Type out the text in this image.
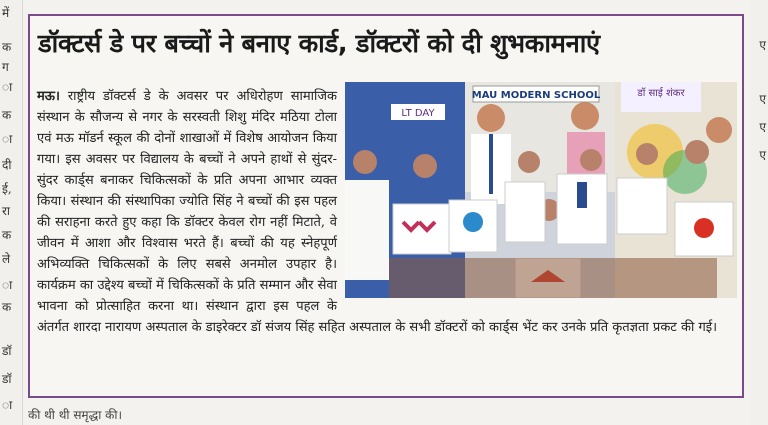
में
क
ग
ा
क
ा
दी
ई,
रा
क
ले
ा
क
डॉ
डॉ
ा
ए
ए
ए
ए
डॉक्टर्स डे पर बच्चों ने बनाए कार्ड, डॉक्टरों को दी शुभकामनाएं
MAU MODERN SCHOOL	डॉ साई शंकर
LT DAY
मऊ। राष्ट्रीय डॉक्टर्स डे के अवसर पर अधिरोहण सामाजिक संस्थान के सौजन्य से नगर के सरस्वती शिशु मंदिर मठिया टोला एवं मऊ मॉडर्न स्कूल की दोनों शाखाओं में विशेष आयोजन किया गया। इस अवसर पर विद्यालय के बच्चों ने अपने हाथों से सुंदर-सुंदर कार्ड्स बनाकर चिकित्सकों के प्रति अपना आभार व्यक्त किया। संस्थान की संस्थापिका ज्योति सिंह ने बच्चों की इस पहल की सराहना करते हुए कहा कि डॉक्टर केवल रोग नहीं मिटाते, वे जीवन में आशा और विश्वास भरते हैं। बच्चों की यह स्नेहपूर्ण अभिव्यक्ति चिकित्सकों के लिए सबसे अनमोल उपहार है। कार्यक्रम का उद्देश्य बच्चों में चिकित्सकों के प्रति सम्मान और सेवा भावना को प्रोत्साहित करना था। संस्थान द्वारा इस पहल के अंतर्गत शारदा नारायण अस्पताल के डाइरेक्टर डॉ संजय सिंह सहित अस्पताल के सभी डॉक्टरों को कार्ड्स भेंट कर उनके प्रति कृतज्ञता प्रकट की गई।
की थी थी समृद्धा की।
